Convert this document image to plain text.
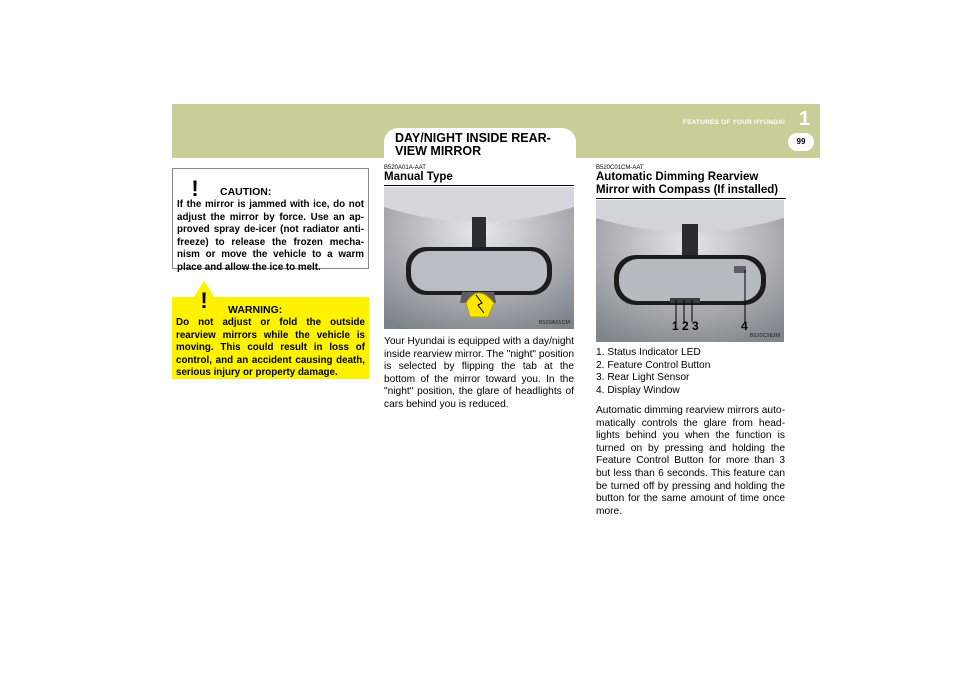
FEATURES OF YOUR HYUNDAI 1
99
DAY/NIGHT INSIDE REAR-VIEW MIRROR
! CAUTION:
If the mirror is jammed with ice, do not adjust the mirror by force. Use an ap-proved spray de-icer (not radiator anti-freeze) to release the frozen mecha-nism or move the vehicle to a warm place and allow the ice to melt.
! WARNING:
Do not adjust or fold the outside rearview mirrors while the vehicle is moving. This could result in loss of control, and an accident causing death, serious injury or property damage.
B520A01A-AAT
Manual Type
B520A01CM
Your Hyundai is equipped with a day/night inside rearview mirror. The "night" position is selected by flipping the tab at the bottom of the mirror toward you. In the "night" position, the glare of headlights of cars behind you is reduced.
B520C01CM-AAT
Automatic Dimming Rearview
Mirror with Compass (If installed)
1 2 3	4
B520C08JM
1. Status Indicator LED
2. Feature Control Button
3. Rear Light Sensor
4. Display Window
Automatic dimming rearview mirrors auto-matically controls the glare from head-lights behind you when the function is turned on by pressing and holding the Feature Control Button for more than 3 but less than 6 seconds. This feature can be turned off by pressing and holding the button for the same amount of time once more.
